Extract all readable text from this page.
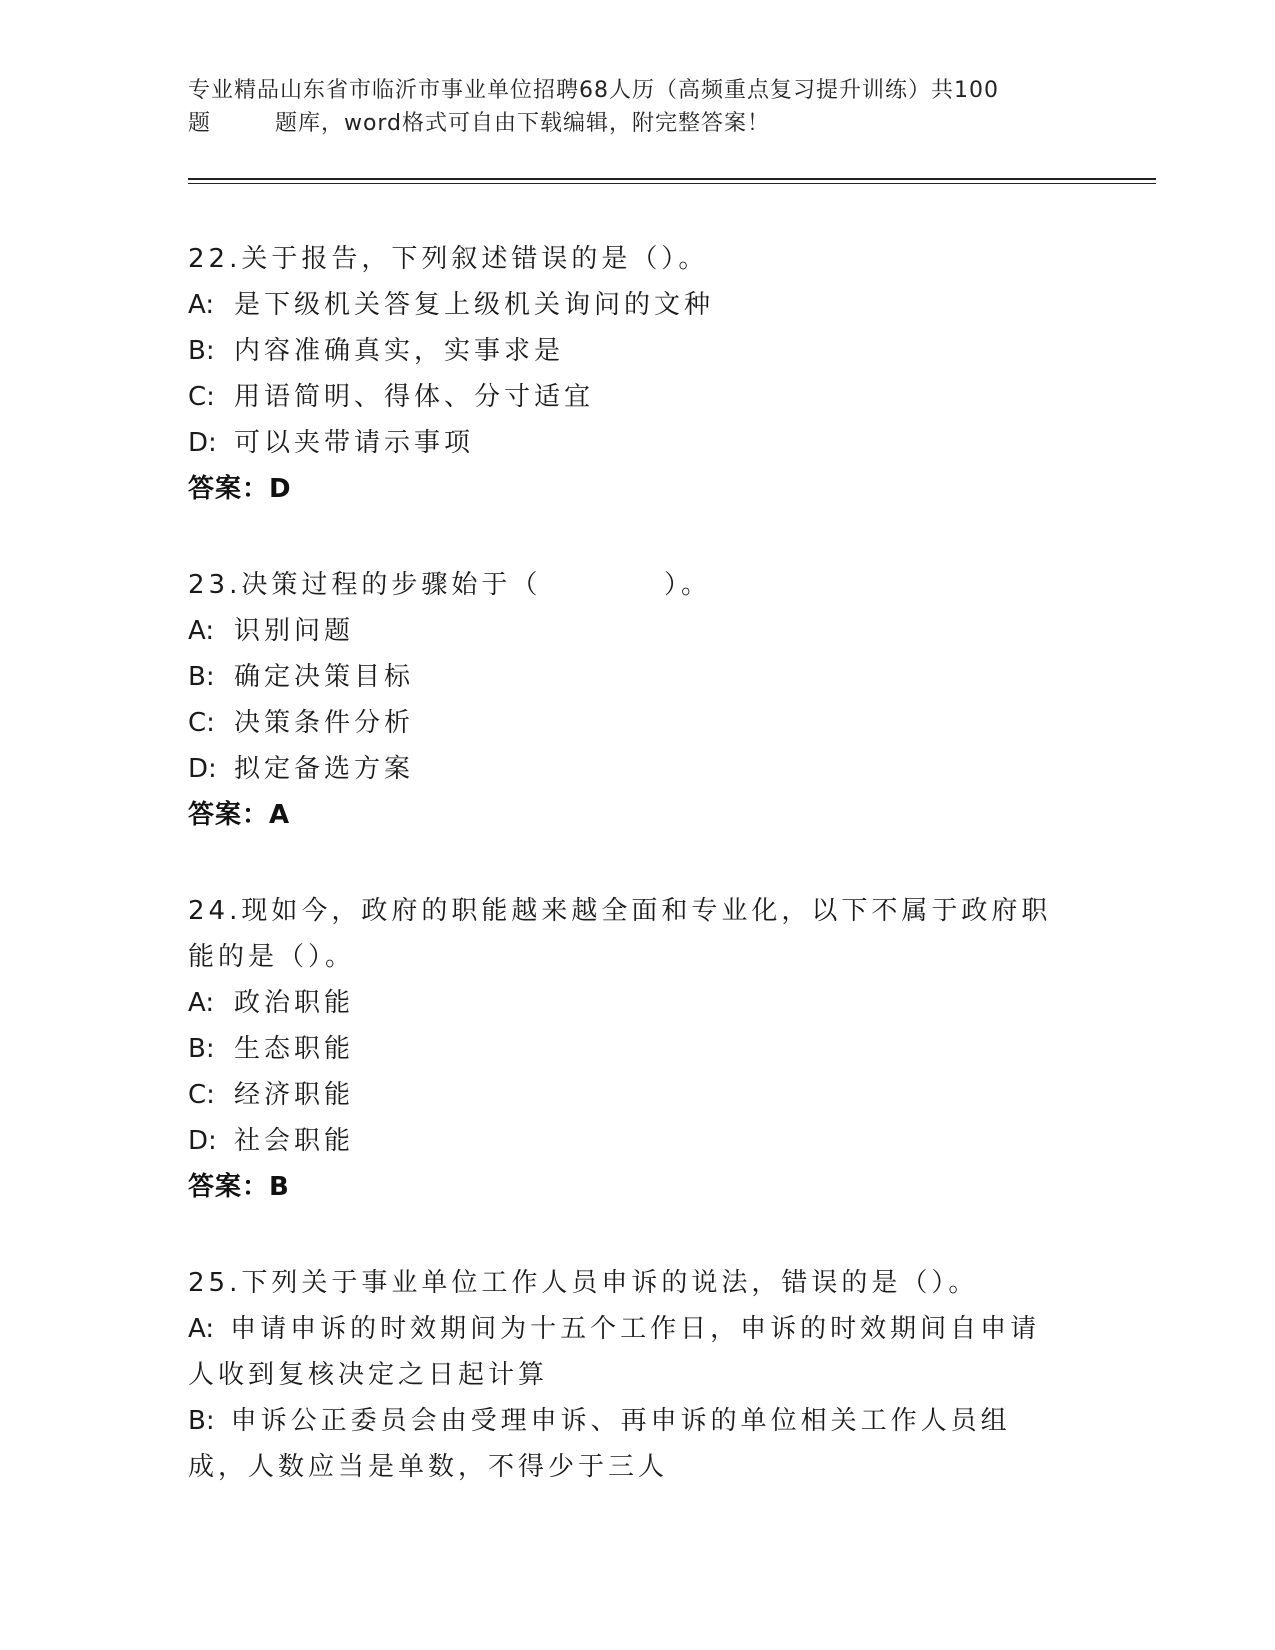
专业精品山东省市临沂市事业单位招聘68人历（高频重点复习提升训练）共100
题        题库，word格式可自由下载编辑，附完整答案！
22.关于报告，下列叙述错误的是（）。
A: 是下级机关答复上级机关询问的文种
B: 内容准确真实，实事求是
C: 用语简明、得体、分寸适宜
D: 可以夹带请示事项
答案：D
23.决策过程的步骤始于（          ）。
A: 识别问题
B: 确定决策目标
C: 决策条件分析
D: 拟定备选方案
答案：A
24.现如今，政府的职能越来越全面和专业化，以下不属于政府职能的是（）。
A: 政治职能
B: 生态职能
C: 经济职能
D: 社会职能
答案：B
25.下列关于事业单位工作人员申诉的说法，错误的是（）。
A: 申请申诉的时效期间为十五个工作日，申诉的时效期间自申请人收到复核决定之日起计算
B: 申诉公正委员会由受理申诉、再申诉的单位相关工作人员组成，人数应当是单数，不得少于三人
